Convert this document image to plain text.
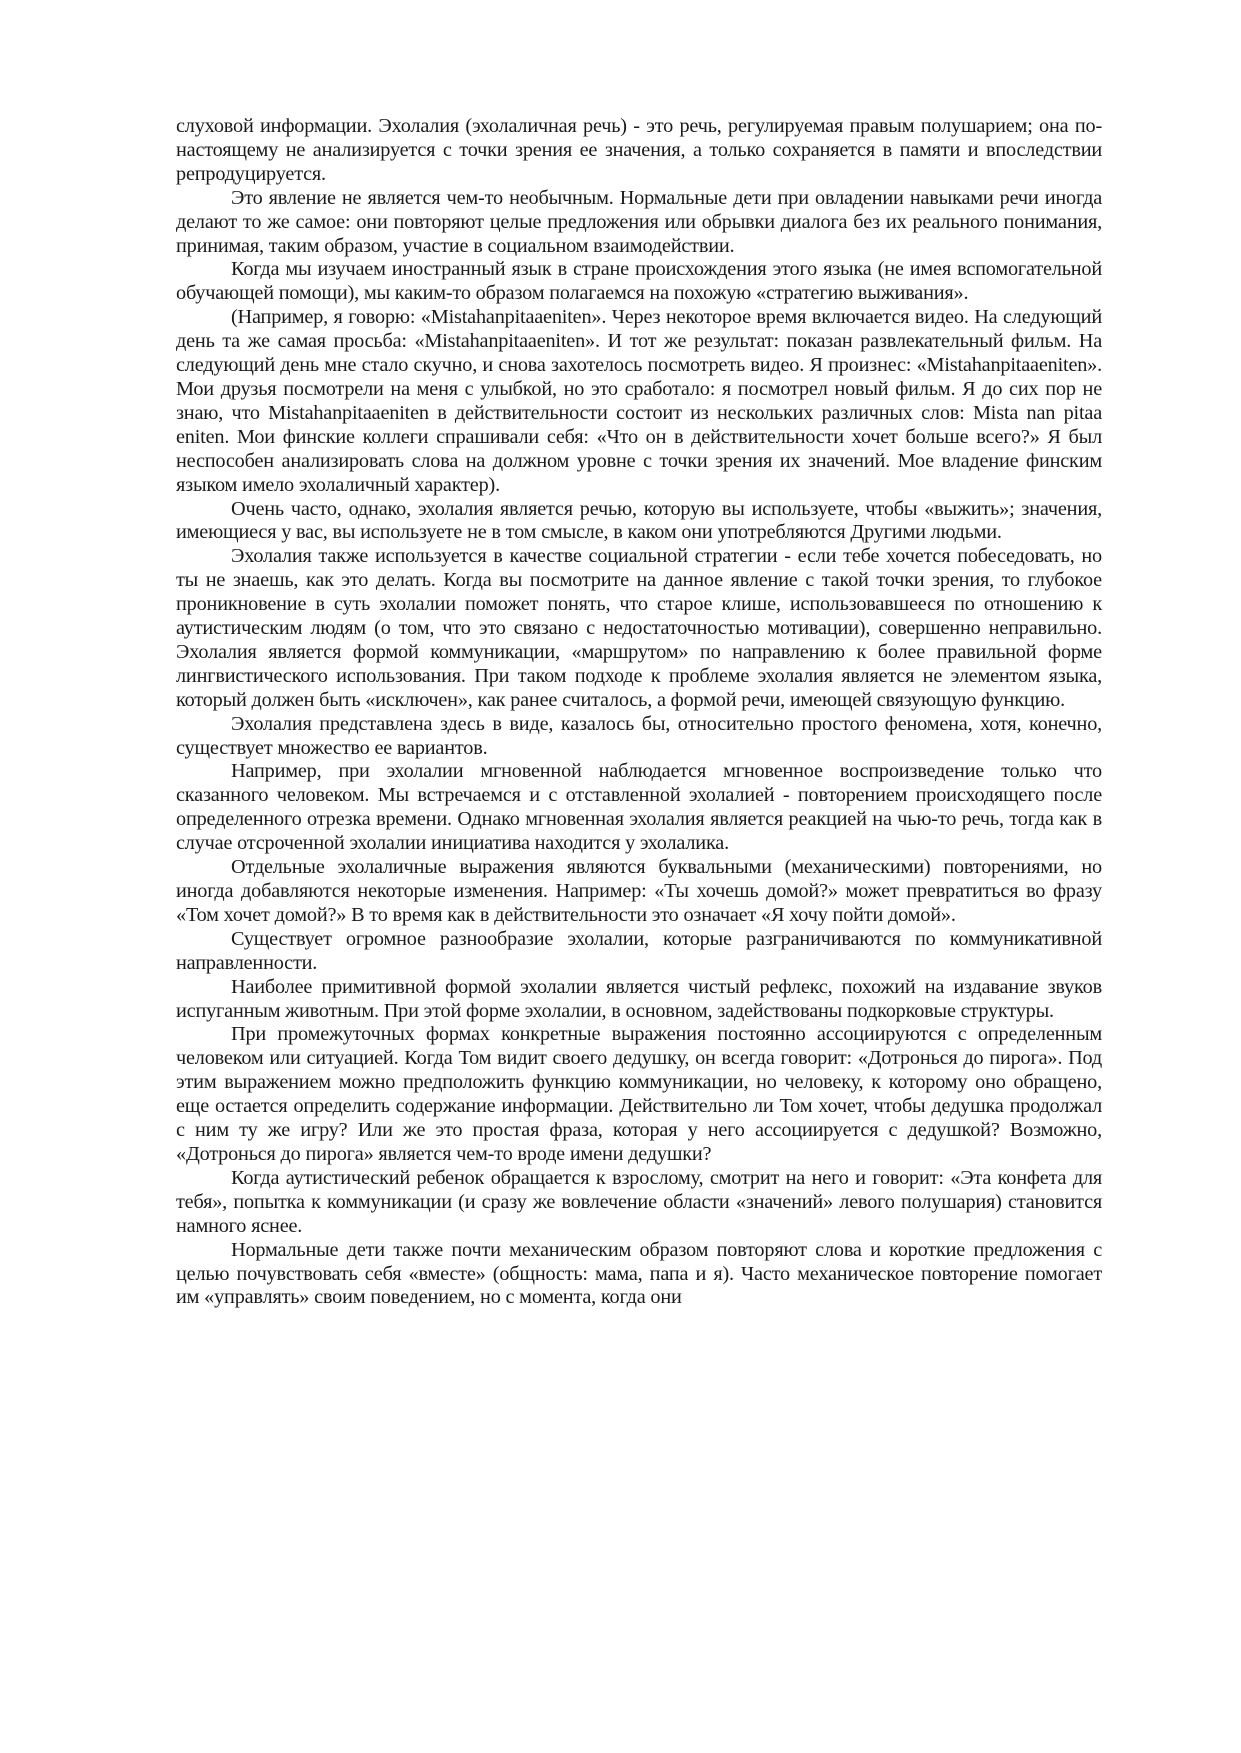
слуховой информации. Эхолалия (эхолаличная речь) - это речь, регулируемая правым полушарием; она по-настоящему не анализируется с точки зрения ее значения, а только сохраняется в памяти и впоследствии репродуцируется.

Это явление не является чем-то необычным. Нормальные дети при овладении навыками речи иногда делают то же самое: они повторяют целые предложения или обрывки диалога без их реального понимания, принимая, таким образом, участие в социальном взаимодействии.

Когда мы изучаем иностранный язык в стране происхождения этого языка (не имея вспомогательной обучающей помощи), мы каким-то образом полагаемся на похожую «стратегию выживания».

(Например, я говорю: «Mistahanpitaaeniten». Через некоторое время включается видео. На следующий день та же самая просьба: «Mistahanpitaaeniten». И тот же результат: показан развлекательный фильм. На следующий день мне стало скучно, и снова захотелось посмотреть видео. Я произнес: «Mistahanpitaaeniten». Мои друзья посмотрели на меня с улыбкой, но это сработало: я посмотрел новый фильм. Я до сих пор не знаю, что Mistahanpitaaeniten в действительности состоит из нескольких различных слов: Mista nan pitaa eniten. Мои финские коллеги спрашивали себя: «Что он в действительности хочет больше всего?» Я был неспособен анализировать слова на должном уровне с точки зрения их значений. Мое владение финским языком имело эхолаличный характер).

Очень часто, однако, эхолалия является речью, которую вы используете, чтобы «выжить»; значения, имеющиеся у вас, вы используете не в том смысле, в каком они употребляются Другими людьми.

Эхолалия также используется в качестве социальной стратегии - если тебе хочется побеседовать, но ты не знаешь, как это делать. Когда вы посмотрите на данное явление с такой точки зрения, то глубокое проникновение в суть эхолалии поможет понять, что старое клише, использовавшееся по отношению к аутистическим людям (о том, что это связано с недостаточностью мотивации), совершенно неправильно. Эхолалия является формой коммуникации, «маршрутом» по направлению к более правильной форме лингвистического использования. При таком подходе к проблеме эхолалия является не элементом языка, который должен быть «исключен», как ранее считалось, а формой речи, имеющей связующую функцию.

Эхолалия представлена здесь в виде, казалось бы, относительно простого феномена, хотя, конечно, существует множество ее вариантов.

Например, при эхолалии мгновенной наблюдается мгновенное воспроизведение только что сказанного человеком. Мы встречаемся и с отставленной эхолалией - повторением происходящего после определенного отрезка времени. Однако мгновенная эхолалия является реакцией на чью-то речь, тогда как в случае отсроченной эхолалии инициатива находится у эхолалика.

Отдельные эхолаличные выражения являются буквальными (механическими) повторениями, но иногда добавляются некоторые изменения. Например: «Ты хочешь домой?» может превратиться во фразу «Том хочет домой?» В то время как в действительности это означает «Я хочу пойти домой».

Существует огромное разнообразие эхолалии, которые разграничиваются по коммуникативной направленности.

Наиболее примитивной формой эхолалии является чистый рефлекс, похожий на издавание звуков испуганным животным. При этой форме эхолалии, в основном, задействованы подкорковые структуры.

При промежуточных формах конкретные выражения постоянно ассоциируются с определенным человеком или ситуацией. Когда Том видит своего дедушку, он всегда говорит: «Дотронься до пирога». Под этим выражением можно предположить функцию коммуникации, но человеку, к которому оно обращено, еще остается определить содержание информации. Действительно ли Том хочет, чтобы дедушка продолжал с ним ту же игру? Или же это простая фраза, которая у него ассоциируется с дедушкой? Возможно, «Дотронься до пирога» является чем-то вроде имени дедушки?

Когда аутистический ребенок обращается к взрослому, смотрит на него и говорит: «Эта конфета для тебя», попытка к коммуникации (и сразу же вовлечение области «значений» левого полушария) становится намного яснее.

Нормальные дети также почти механическим образом повторяют слова и короткие предложения с целью почувствовать себя «вместе» (общность: мама, папа и я). Часто механическое повторение помогает им «управлять» своим поведением, но с момента, когда они
